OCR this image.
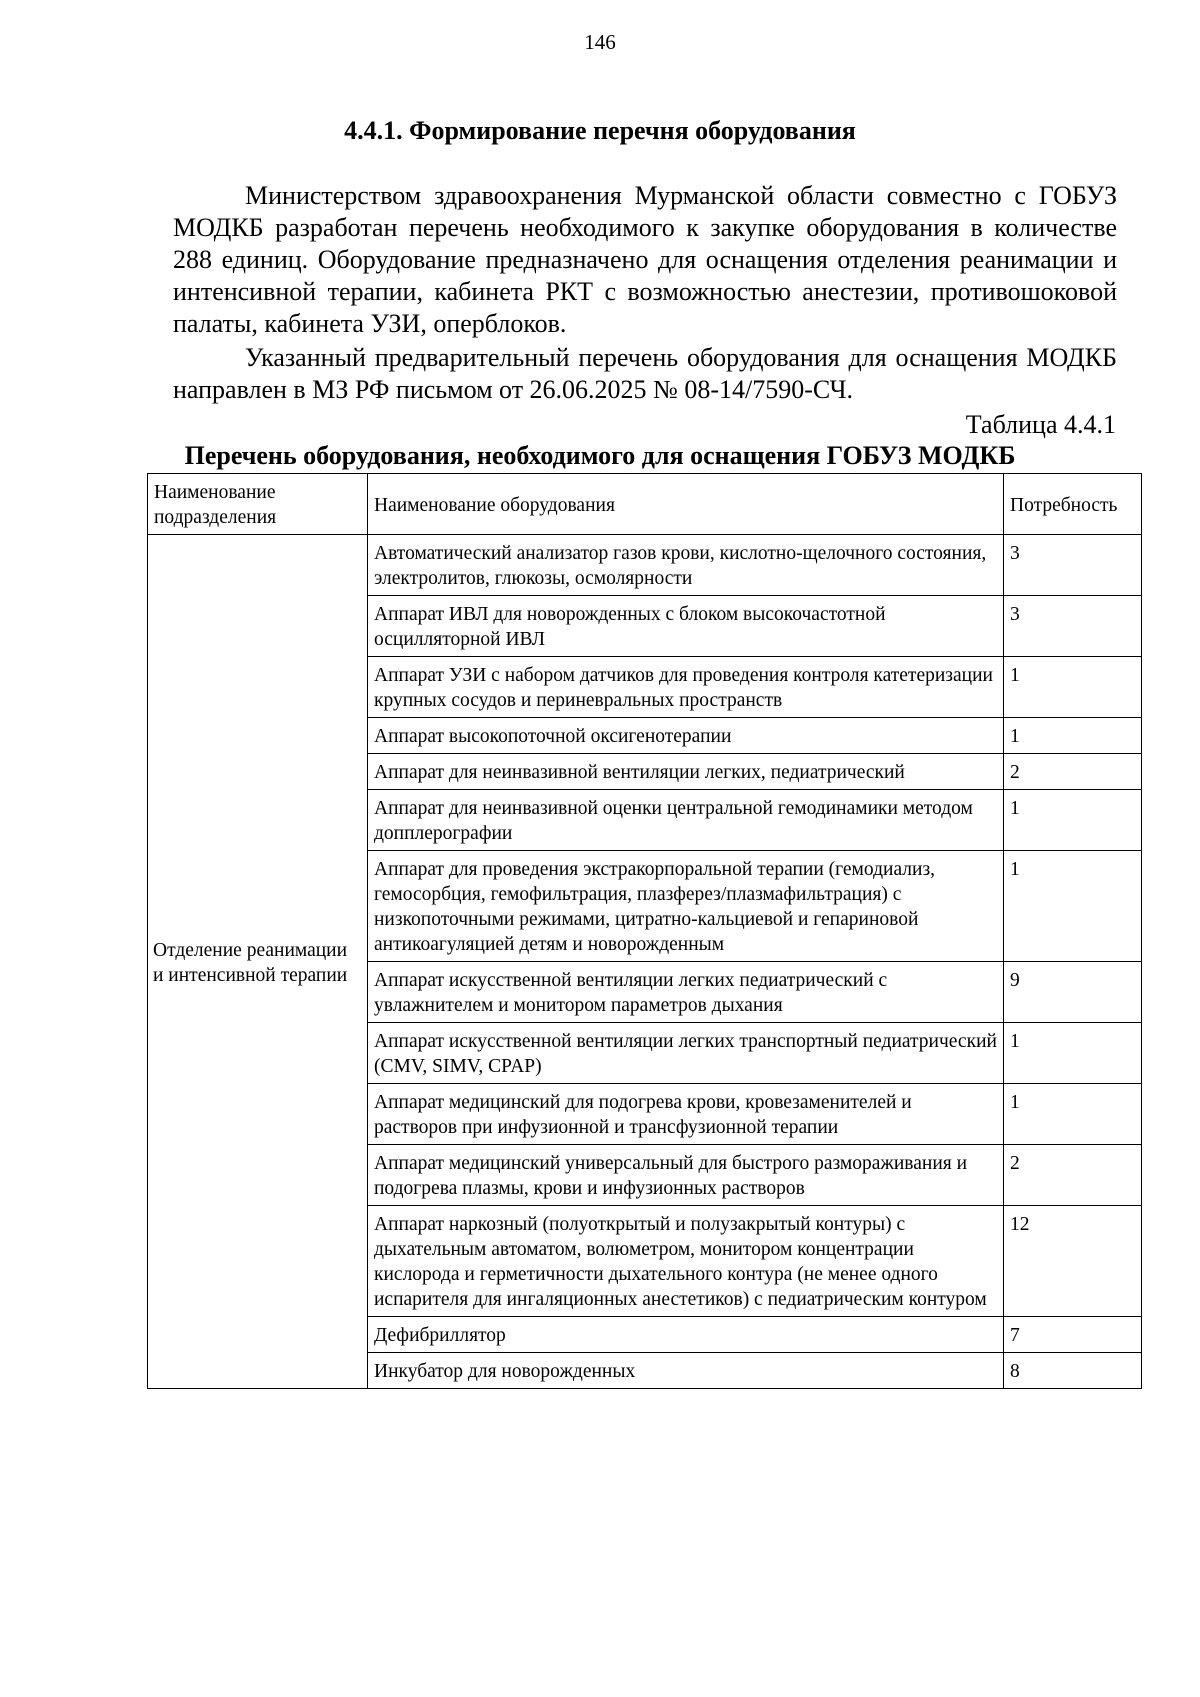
146
4.4.1. Формирование перечня оборудования

Министерством здравоохранения Мурманской области совместно с ГОБУЗ МОДКБ разработан перечень необходимого к закупке оборудования в количестве 288 единиц. Оборудование предназначено для оснащения отделения реанимации и интенсивной терапии, кабинета РКТ с возможностью анестезии, противошоковой палаты, кабинета УЗИ, оперблоков.

Указанный предварительный перечень оборудования для оснащения МОДКБ направлен в МЗ РФ письмом от 26.06.2025 № 08-14/7590-СЧ.

Таблица 4.4.1
Перечень оборудования, необходимого для оснащения ГОБУЗ МОДКБ
Наименование подразделения	Наименование оборудования	Потребность
Отделение реанимации и интенсивной терапии	Автоматический анализатор газов крови, кислотно-щелочного состояния, электролитов, глюкозы, осмолярности	3
	Аппарат ИВЛ для новорожденных с блоком высокочастотной осцилляторной ИВЛ	3
	Аппарат УЗИ с набором датчиков для проведения контроля катетеризации крупных сосудов и периневральных пространств	1
	Аппарат высокопоточной оксигенотерапии	1
	Аппарат для неинвазивной вентиляции легких, педиатрический	2
	Аппарат для неинвазивной оценки центральной гемодинамики методом допплерографии	1
	Аппарат для проведения экстракорпоральной терапии (гемодиализ, гемосорбция, гемофильтрация, плазферез/плазмафильтрация) с низкопоточными режимами, цитратно-кальциевой и гепариновой антикоагуляцией детям и новорожденным	1
	Аппарат искусственной вентиляции легких педиатрический с увлажнителем и монитором параметров дыхания	9
	Аппарат искусственной вентиляции легких транспортный педиатрический (CMV, SIMV, CPAP)	1
	Аппарат медицинский для подогрева крови, кровезаменителей и растворов при инфузионной и трансфузионной терапии	1
	Аппарат медицинский универсальный для быстрого размораживания и подогрева плазмы, крови и инфузионных растворов	2
	Аппарат наркозный (полуоткрытый и полузакрытый контуры) с дыхательным автоматом, волюметром, монитором концентрации кислорода и герметичности дыхательного контура (не менее одного испарителя для ингаляционных анестетиков) с педиатрическим контуром	12
	Дефибриллятор	7
	Инкубатор для новорожденных	8
